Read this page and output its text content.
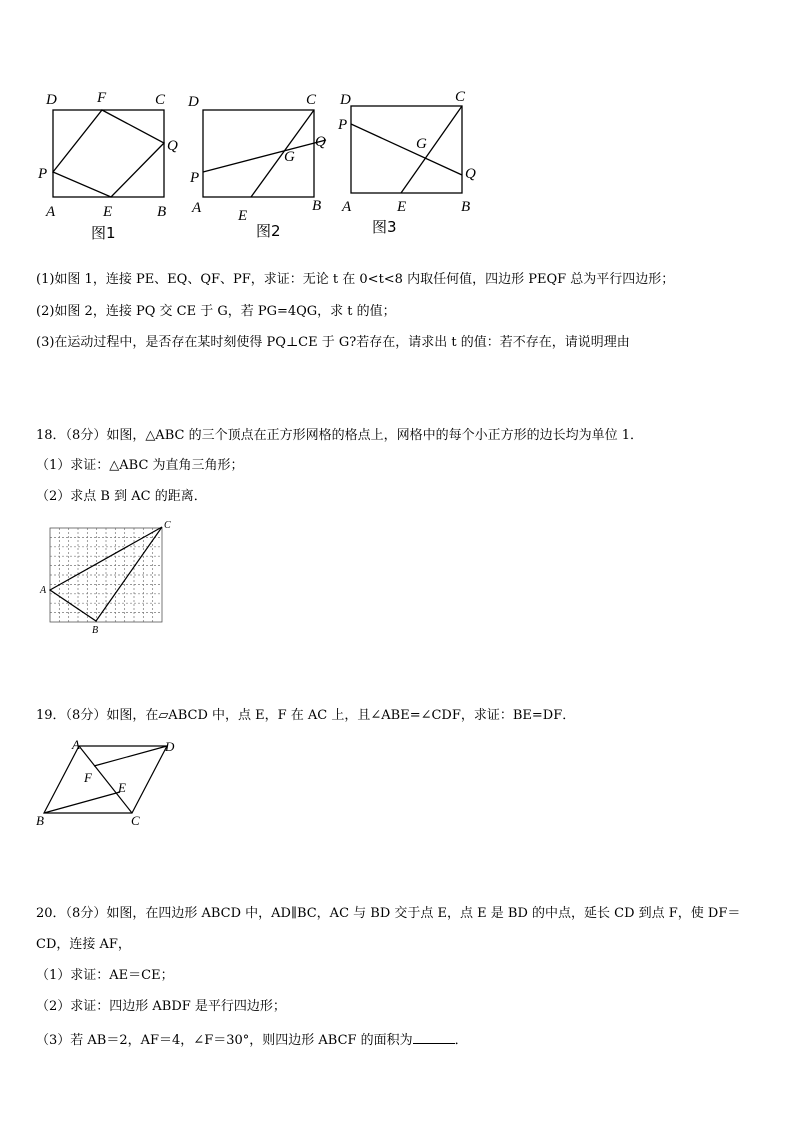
D	F	C
Q
P
A	E	B
图1
D	C
Q
G
P
A E
B
图2
D	C
P
G
Q
A	E	B
图3
(1)如图 1，连接 PE、EQ、QF、PF，求证：无论 t 在 0<t<8 内取任何值，四边形 PEQF 总为平行四边形；
(2)如图 2，连接 PQ 交 CE 于 G，若 PG=4QG，求 t 的值；
(3)在运动过程中，是否存在某时刻使得 PQ⊥CE 于 G?若存在，请求出 t 的值：若不存在，请说明理由
18．（8分）如图，△ABC 的三个顶点在正方形网格的格点上，网格中的每个小正方形的边长均为单位 1．
（1）求证：△ABC 为直角三角形；
（2）求点 B 到 AC 的距离．
A
B
C
19．（8分）如图，在▱ABCD 中，点 E，F 在 AC 上，且∠ABE=∠CDF，求证：BE=DF．
A	D
F
E
B	C
20．（8分）如图，在四边形 ABCD 中，AD∥BC，AC 与 BD 交于点 E，点 E 是 BD 的中点，延长 CD 到点 F，使 DF＝
CD，连接 AF，
（1）求证：AE＝CE；
（2）求证：四边形 ABDF 是平行四边形；
（3）若 AB＝2，AF＝4，∠F＝30°，则四边形 ABCF 的面积为	．
